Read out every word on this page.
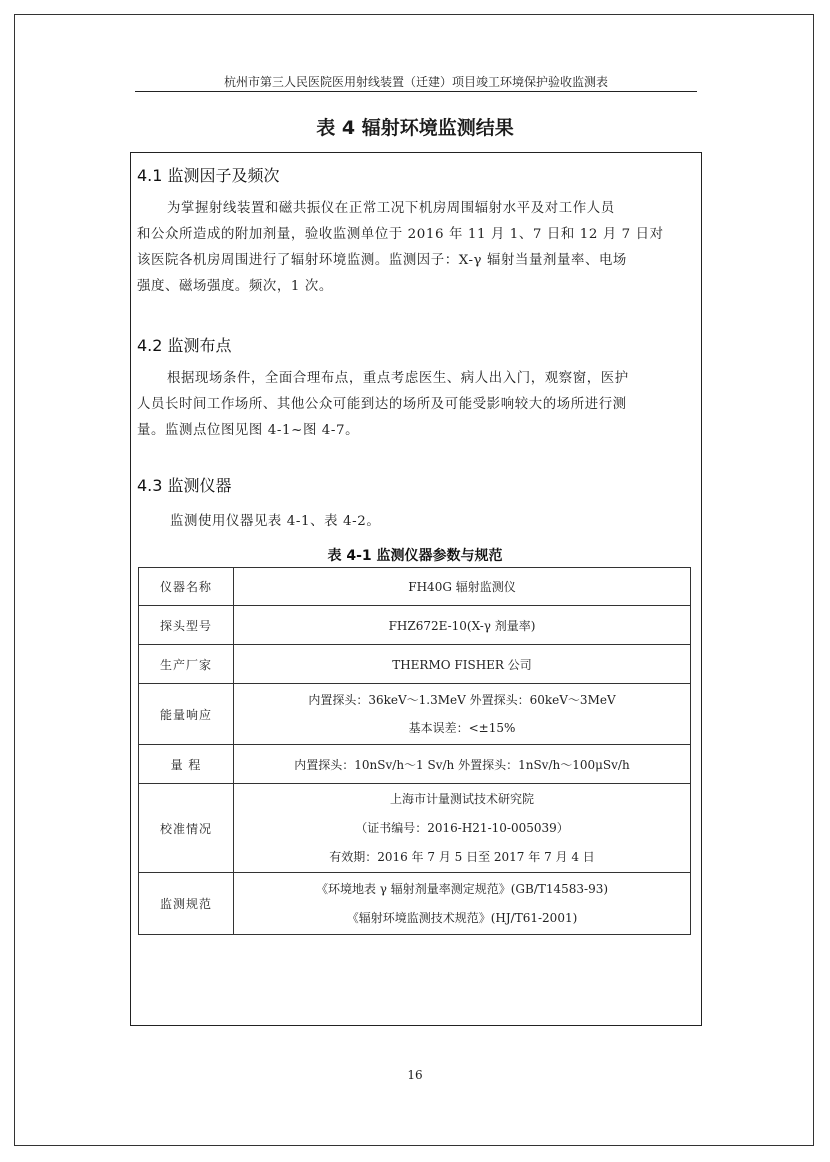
杭州市第三人民医院医用射线装置（迁建）项目竣工环境保护验收监测表
表 4 辐射环境监测结果
4.1 监测因子及频次
为掌握射线装置和磁共振仪在正常工况下机房周围辐射水平及对工作人员
和公众所造成的附加剂量，验收监测单位于 2016 年 11 月 1、7 日和 12 月 7 日对
该医院各机房周围进行了辐射环境监测。监测因子：X-γ 辐射当量剂量率、电场
强度、磁场强度。频次，1 次。
4.2 监测布点
根据现场条件，全面合理布点，重点考虑医生、病人出入门，观察窗，医护
人员长时间工作场所、其他公众可能到达的场所及可能受影响较大的场所进行测
量。监测点位图见图 4-1~图 4-7。
4.3 监测仪器
监测使用仪器见表 4-1、表 4-2。
表 4-1 监测仪器参数与规范
仪器名称	FH40G 辐射监测仪
探头型号	FHZ672E-10(X-γ 剂量率)
生产厂家	THERMO FISHER 公司
能量响应	内置探头：36keV～1.3MeV 外置探头：60keV～3MeV
基本误差：<±15%

量 程	内置探头：10nSv/h～1 Sv/h 外置探头：1nSv/h～100μSv/h
校准情况	上海市计量测试技术研究院
（证书编号：2016-H21-10-005039）
有效期：2016 年 7 月 5 日至 2017 年 7 月 4 日

监测规范	《环境地表 γ 辐射剂量率测定规范》(GB/T14583-93)
《辐射环境监测技术规范》(HJ/T61-2001)
16
